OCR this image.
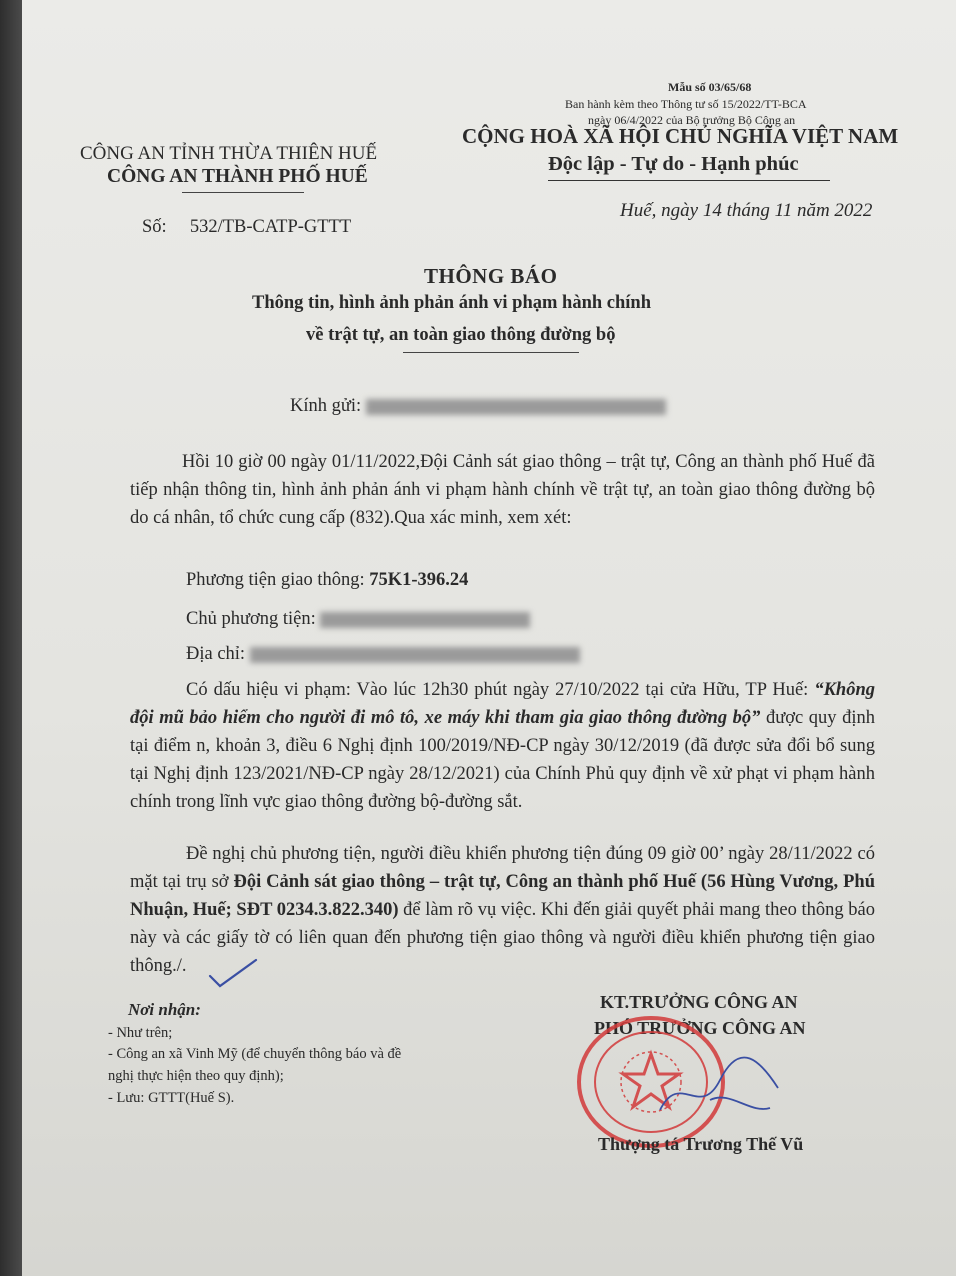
Mẫu số 03/65/68
Ban hành kèm theo Thông tư số 15/2022/TT-BCA
ngày 06/4/2022 của Bộ trưởng Bộ Công an
CÔNG AN TỈNH THỪA THIÊN HUẾ
CÔNG AN THÀNH PHỐ HUẾ
CỘNG HOÀ XÃ HỘI CHỦ NGHĨA VIỆT NAM
Độc lập - Tự do - Hạnh phúc
Số: 532/TB-CATP-GTTT
Huế, ngày 14 tháng 11 năm 2022
THÔNG BÁO
Thông tin, hình ảnh phản ánh vi phạm hành chính
về trật tự, an toàn giao thông đường bộ
Kính gửi:
Hồi 10 giờ 00 ngày 01/11/2022,Đội Cảnh sát giao thông – trật tự, Công an thành phố Huế đã tiếp nhận thông tin, hình ảnh phản ánh vi phạm hành chính về trật tự, an toàn giao thông đường bộ do cá nhân, tổ chức cung cấp (832).Qua xác minh, xem xét:
Phương tiện giao thông: 75K1-396.24
Chủ phương tiện:
Địa chỉ:
Có dấu hiệu vi phạm: Vào lúc 12h30 phút ngày 27/10/2022 tại cửa Hữu, TP Huế: “Không đội mũ bảo hiểm cho người đi mô tô, xe máy khi tham gia giao thông đường bộ” được quy định tại điểm n, khoản 3, điều 6 Nghị định 100/2019/NĐ-CP ngày 30/12/2019 (đã được sửa đổi bổ sung tại Nghị định 123/2021/NĐ-CP ngày 28/12/2021) của Chính Phủ quy định về xử phạt vi phạm hành chính trong lĩnh vực giao thông đường bộ-đường sắt.
Đề nghị chủ phương tiện, người điều khiển phương tiện đúng 09 giờ 00’ ngày 28/11/2022 có mặt tại trụ sở Đội Cảnh sát giao thông – trật tự, Công an thành phố Huế (56 Hùng Vương, Phú Nhuận, Huế; SĐT 0234.3.822.340) để làm rõ vụ việc. Khi đến giải quyết phải mang theo thông báo này và các giấy tờ có liên quan đến phương tiện giao thông và người điều khiển phương tiện giao thông./.
Nơi nhận:
- Như trên;
- Công an xã Vinh Mỹ (để chuyển thông báo và đề
nghị thực hiện theo quy định);
- Lưu: GTTT(Huế S).
KT.TRƯỞNG CÔNG AN
PHÓ TRƯỞNG CÔNG AN
Thượng tá Trương Thế Vũ
